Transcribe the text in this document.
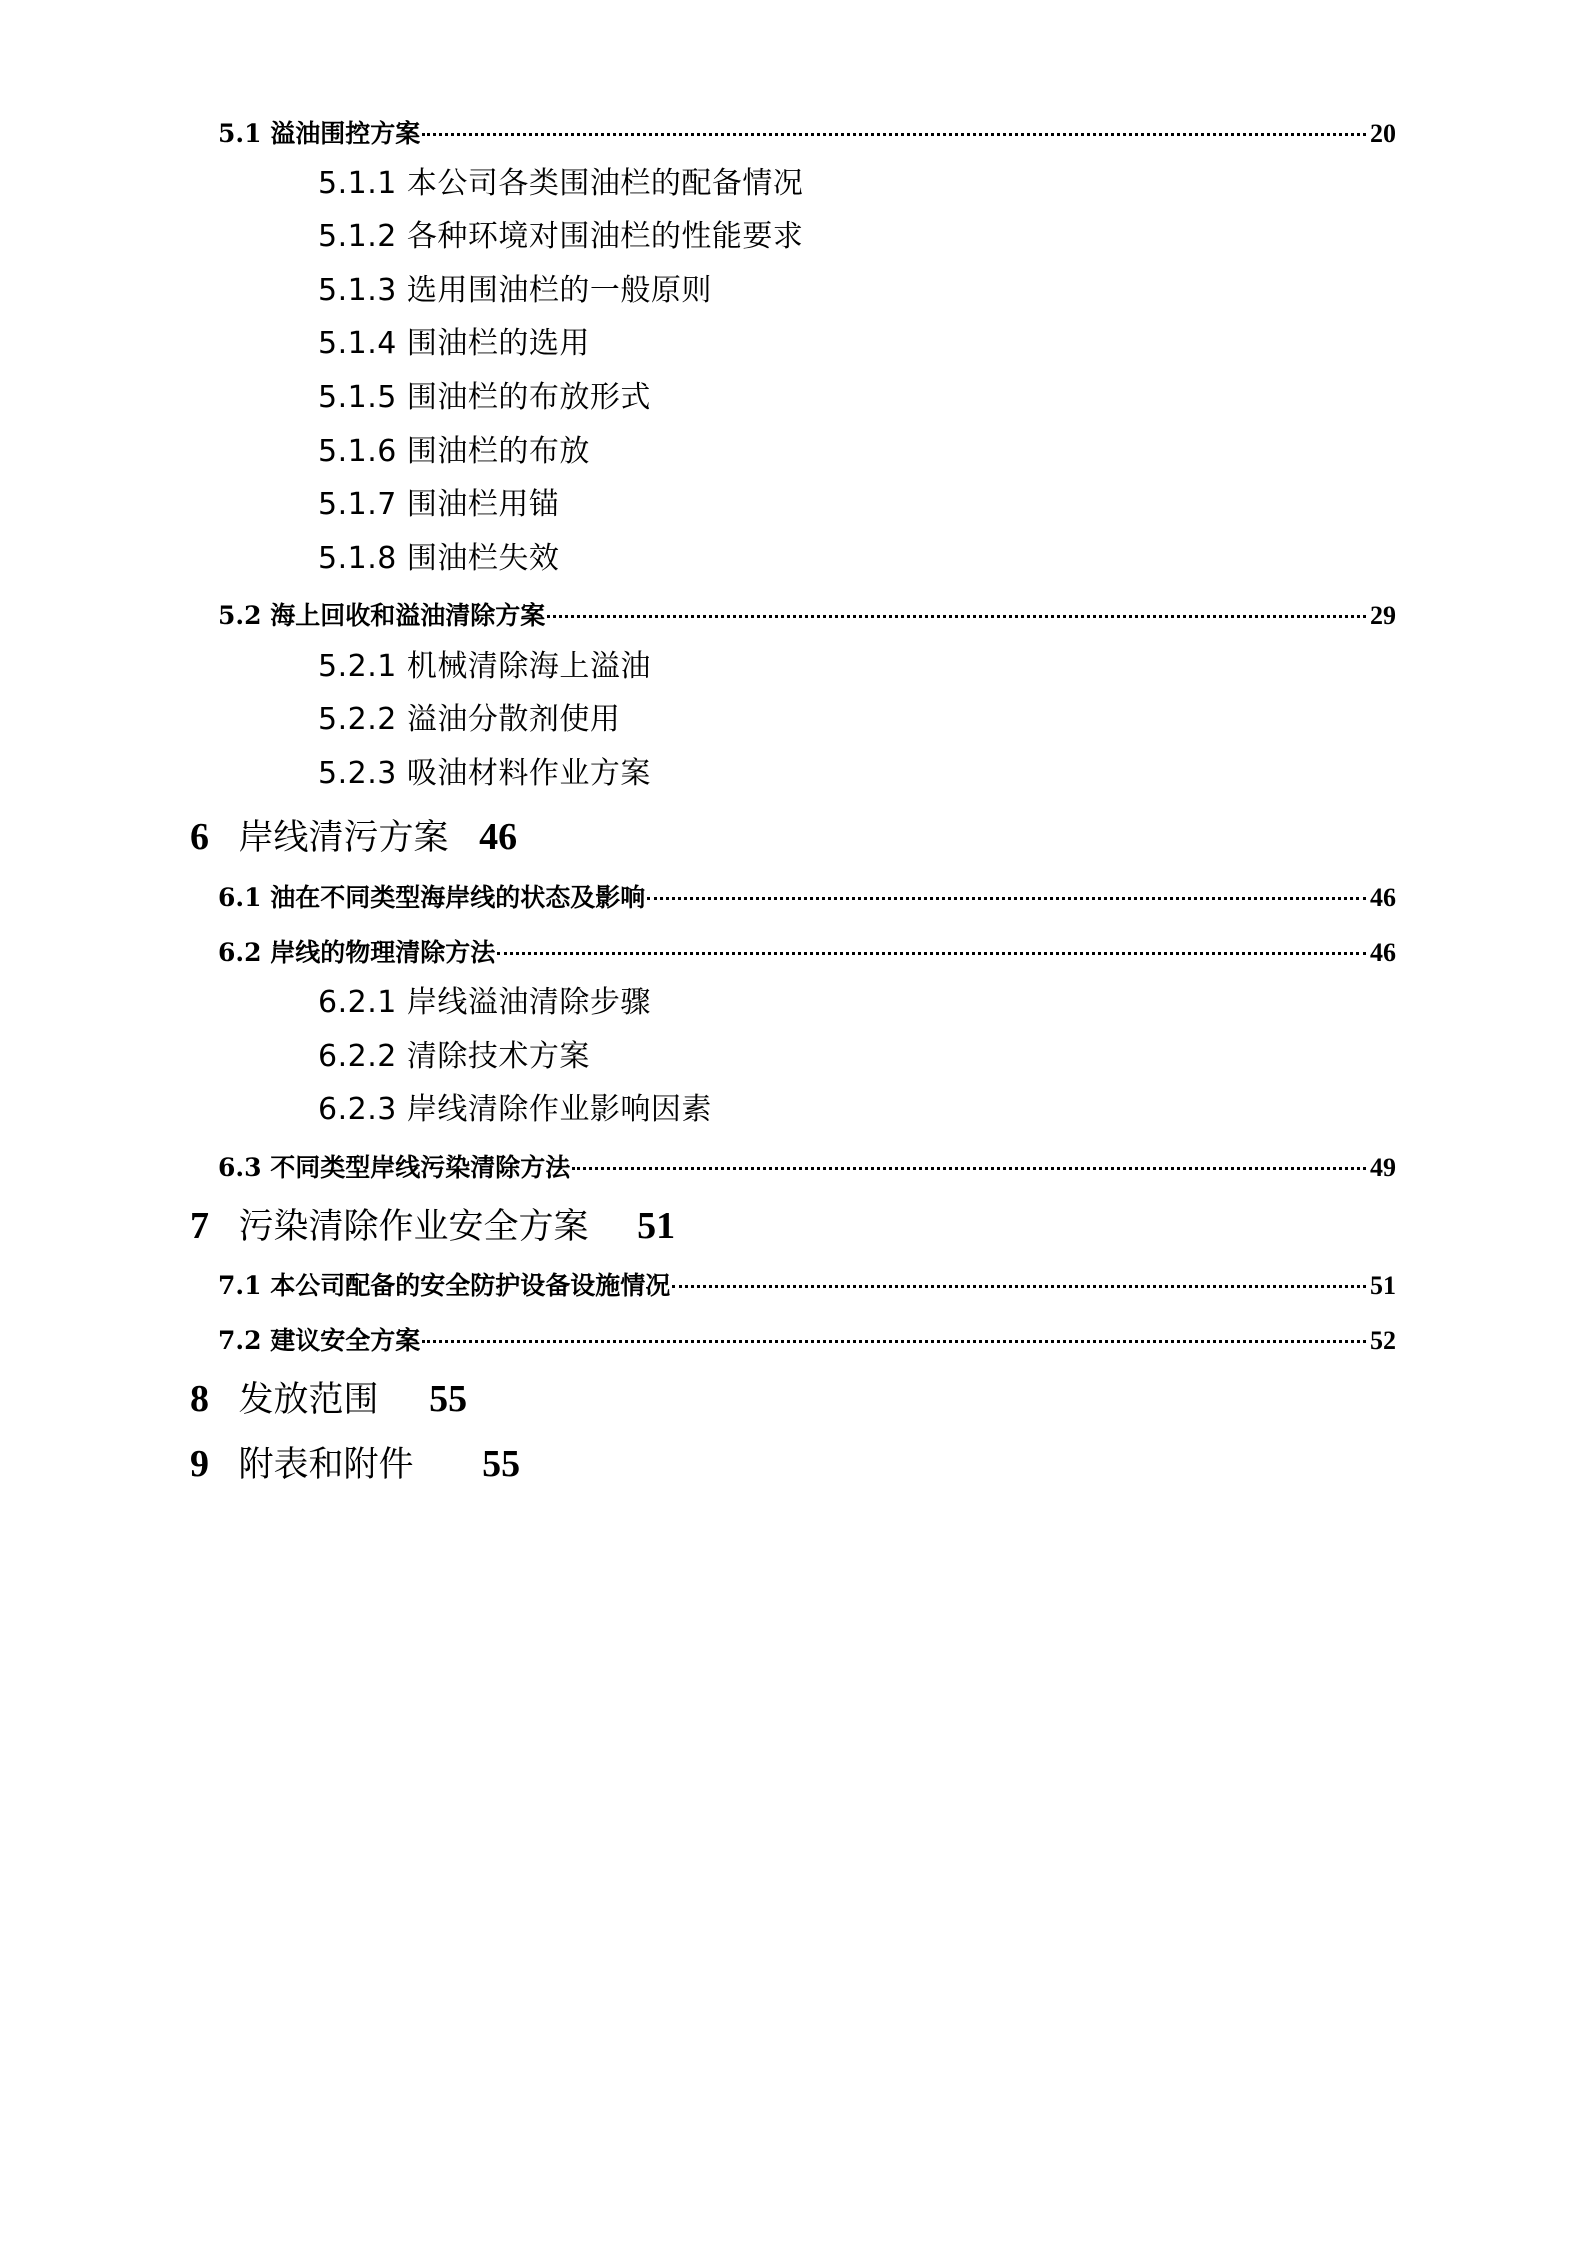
5.1 溢油围控方案	20
5.1.1 本公司各类围油栏的配备情况
5.1.2 各种环境对围油栏的性能要求
5.1.3 选用围油栏的一般原则
5.1.4 围油栏的选用
5.1.5 围油栏的布放形式
5.1.6 围油栏的布放
5.1.7 围油栏用锚
5.1.8 围油栏失效
5.2 海上回收和溢油清除方案	29
5.2.1 机械清除海上溢油
5.2.2 溢油分散剂使用
5.2.3 吸油材料作业方案
6 岸线清污方案 46
6.1 油在不同类型海岸线的状态及影响	46
6.2 岸线的物理清除方法	46
6.2.1 岸线溢油清除步骤
6.2.2 清除技术方案
6.2.3 岸线清除作业影响因素
6.3 不同类型岸线污染清除方法	49
7 污染清除作业安全方案 51
7.1 本公司配备的安全防护设备设施情况	51
7.2 建议安全方案	52
8 发放范围 55
9 附表和附件 55
